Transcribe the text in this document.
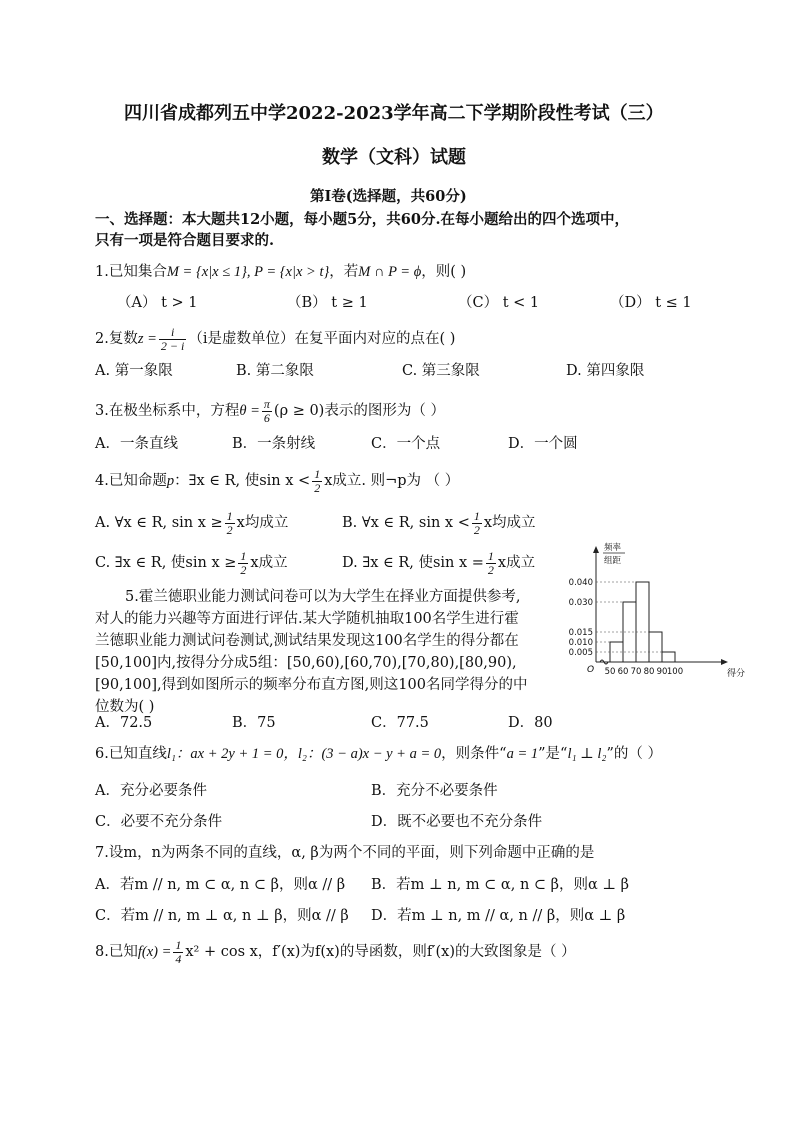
四川省成都列五中学2022-2023学年高二下学期阶段性考试（三）
数学（文科）试题
第Ⅰ卷(选择题，共60分)
一、选择题：本大题共12小题，每小题5分，共60分.在每小题给出的四个选项中，
只有一项是符合题目要求的.
1.已知集合M = {x|x ≤ 1}, P = {x|x > t}，若M ∩ P = ϕ，则( )
（A） t > 1	（B） t ≥ 1	（C） t < 1	（D） t ≤ 1
2.复数$z = \frac{i}{2 - i} (i$是虚数单位）在复平面内对应的点在( )
A. 第一象限	B. 第二象限	C. 第三象限	D. 第四象限
3.在极坐标系中，方程$\theta = \frac{\pi}{6} (\rho \ge 0)$表示的图形为（ ）
A．一条直线	B．一条射线	C．一个点	D．一个圆
4.已知命题p：∃x ∈ R, 使$\sin x < \frac{1}{2}$ x成立. 则¬p为 （ ）
A. ∀x ∈ R, $\sin x \ge \frac{1}{2}$ x均成立	B. ∀x ∈ R, $\sin x < \frac{1}{2}$ x均成立
C. ∃x ∈ R, 使$\sin x \ge \frac{1}{2}$ x成立	D. ∃x ∈ R, 使$\sin x = \frac{1}{2}$ x成立
5.霍兰德职业能力测试问卷可以为大学生在择业方面提供参考,
对人的能力兴趣等方面进行评估.某大学随机抽取100名学生进行霍
兰德职业能力测试问卷测试,测试结果发现这100名学生的得分都在
[50,100]内,按得分分成5组：[50,60),[60,70),[70,80),[80,90),
[90,100],得到如图所示的频率分布直方图,则这100名同学得分的中
位数为( )
A．72.5	B．75	C．77.5	D．80
0.040
0.030
0.015
0.010
0.005
50 60 70 80 90 100
O	得分
频率
组距
6.已知直线l₁：ax + 2y + 1 = 0，l₂：(3 − a)x − y + a = 0，则条件“a = 1”是“l₁ ⊥ l₂”的（ ）
A．充分必要条件	B．充分不必要条件
C．必要不充分条件	D．既不必要也不充分条件
7.设m，n为两条不同的直线，α, β为两个不同的平面，则下列命题中正确的是
A．若m // n, m ⊂ α, n ⊂ β，则α // β B．若m ⊥ n, m ⊂ α, n ⊂ β，则α ⊥ β
C．若m // n, m ⊥ α, n ⊥ β，则α // β D．若m ⊥ n, m // α, n // β，则α ⊥ β
8.已知$f(x) = \frac{1}{4} x^2 + \cos x$，f′(x)为f(x)的导函数，则f′(x)的大致图象是（ ）
